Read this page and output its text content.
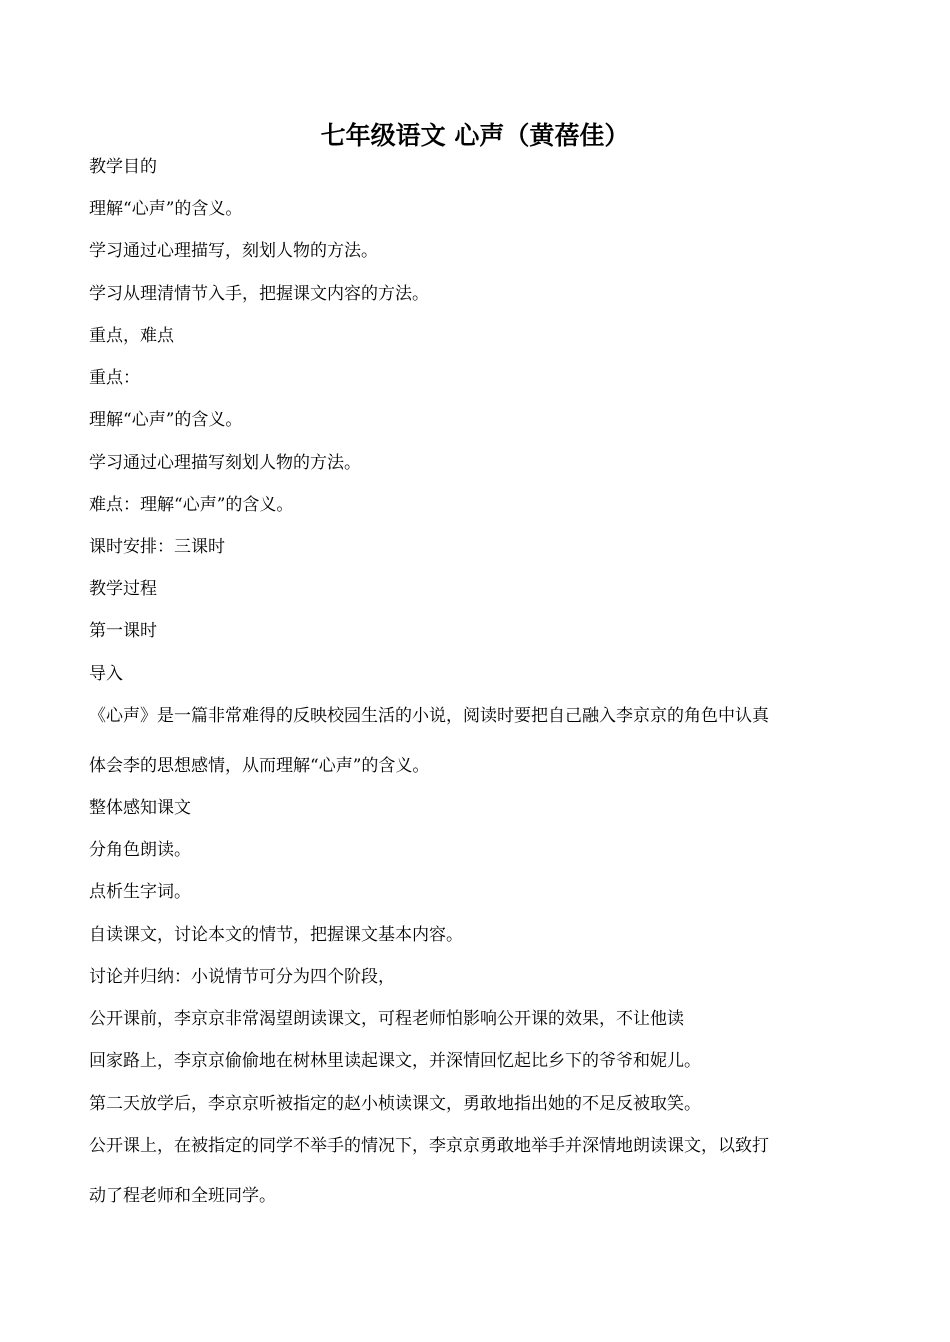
七年级语文 心声（黄蓓佳）
教学目的
理解“心声”的含义。
学习通过心理描写，刻划人物的方法。
学习从理清情节入手，把握课文内容的方法。
重点，难点
重点：
理解“心声”的含义。
学习通过心理描写刻划人物的方法。
难点：理解“心声”的含义。
课时安排：三课时
教学过程
第一课时
导入
《心声》是一篇非常难得的反映校园生活的小说，阅读时要把自己融入李京京的角色中认真
体会李的思想感情，从而理解“心声”的含义。
整体感知课文
分角色朗读。
点析生字词。
自读课文，讨论本文的情节，把握课文基本内容。
讨论并归纳：小说情节可分为四个阶段，
公开课前，李京京非常渴望朗读课文，可程老师怕影响公开课的效果，不让他读
回家路上，李京京偷偷地在树林里读起课文，并深情回忆起比乡下的爷爷和妮儿。
第二天放学后，李京京听被指定的赵小桢读课文，勇敢地指出她的不足反被取笑。
公开课上，在被指定的同学不举手的情况下，李京京勇敢地举手并深情地朗读课文，以致打
动了程老师和全班同学。
